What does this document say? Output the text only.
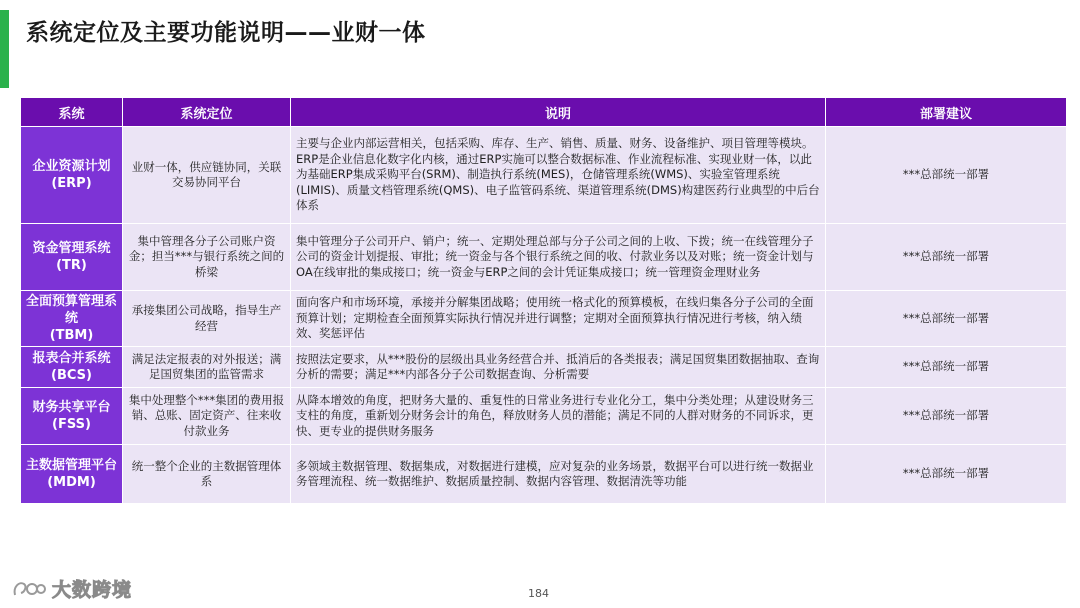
系统定位及主要功能说明——业财一体
系统	系统定位	说明	部署建议

企业资源计划
(ERP)	业财一体，供应链协同，关联交易协同平台	主要与企业内部运营相关，包括采购、库存、生产、销售、质量、财务、设备维护、项目管理等模块。ERP是企业信息化数字化内核，通过ERP实施可以整合数据标准、作业流程标准、实现业财一体，以此为基础ERP集成采购平台(SRM)、制造执行系统(MES)，仓储管理系统(WMS)、实验室管理系统(LIMIS)、质量文档管理系统(QMS)、电子监管码系统、渠道管理系统(DMS)构建医药行业典型的中后台体系	***总部统一部署

资金管理系统
(TR)	集中管理各分子公司账户资金；担当***与银行系统之间的桥梁	集中管理分子公司开户、销户；统一、定期处理总部与分子公司之间的上收、下拨；统一在线管理分子公司的资金计划提报、审批；统一资金与各个银行系统之间的收、付款业务以及对账；统一资金计划与OA在线审批的集成接口；统一资金与ERP之间的会计凭证集成接口；统一管理资金理财业务	***总部统一部署

全面预算管理系统
(TBM)	承接集团公司战略，指导生产经营	面向客户和市场环境，承接并分解集团战略；使用统一格式化的预算模板，在线归集各分子公司的全面预算计划；定期检查全面预算实际执行情况并进行调整；定期对全面预算执行情况进行考核，纳入绩效、奖惩评估	***总部统一部署

报表合并系统
(BCS)	满足法定报表的对外报送；满足国贸集团的监管需求	按照法定要求，从***股份的层级出具业务经营合并、抵消后的各类报表；满足国贸集团数据抽取、查询分析的需要；满足***内部各分子公司数据查询、分析需要	***总部统一部署

财务共享平台
(FSS)	集中处理整个***集团的费用报销、总账、固定资产、往来收付款业务	从降本增效的角度，把财务大量的、重复性的日常业务进行专业化分工，集中分类处理；从建设财务三支柱的角度，重新划分财务会计的角色，释放财务人员的潜能；满足不同的人群对财务的不同诉求，更快、更专业的提供财务服务	***总部统一部署

主数据管理平台
(MDM)	统一整个企业的主数据管理体系	多领域主数据管理、数据集成，对数据进行建模，应对复杂的业务场景，数据平台可以进行统一数据业务管理流程、统一数据维护、数据质量控制、数据内容管理、数据清洗等功能	***总部统一部署
184
大数跨境
